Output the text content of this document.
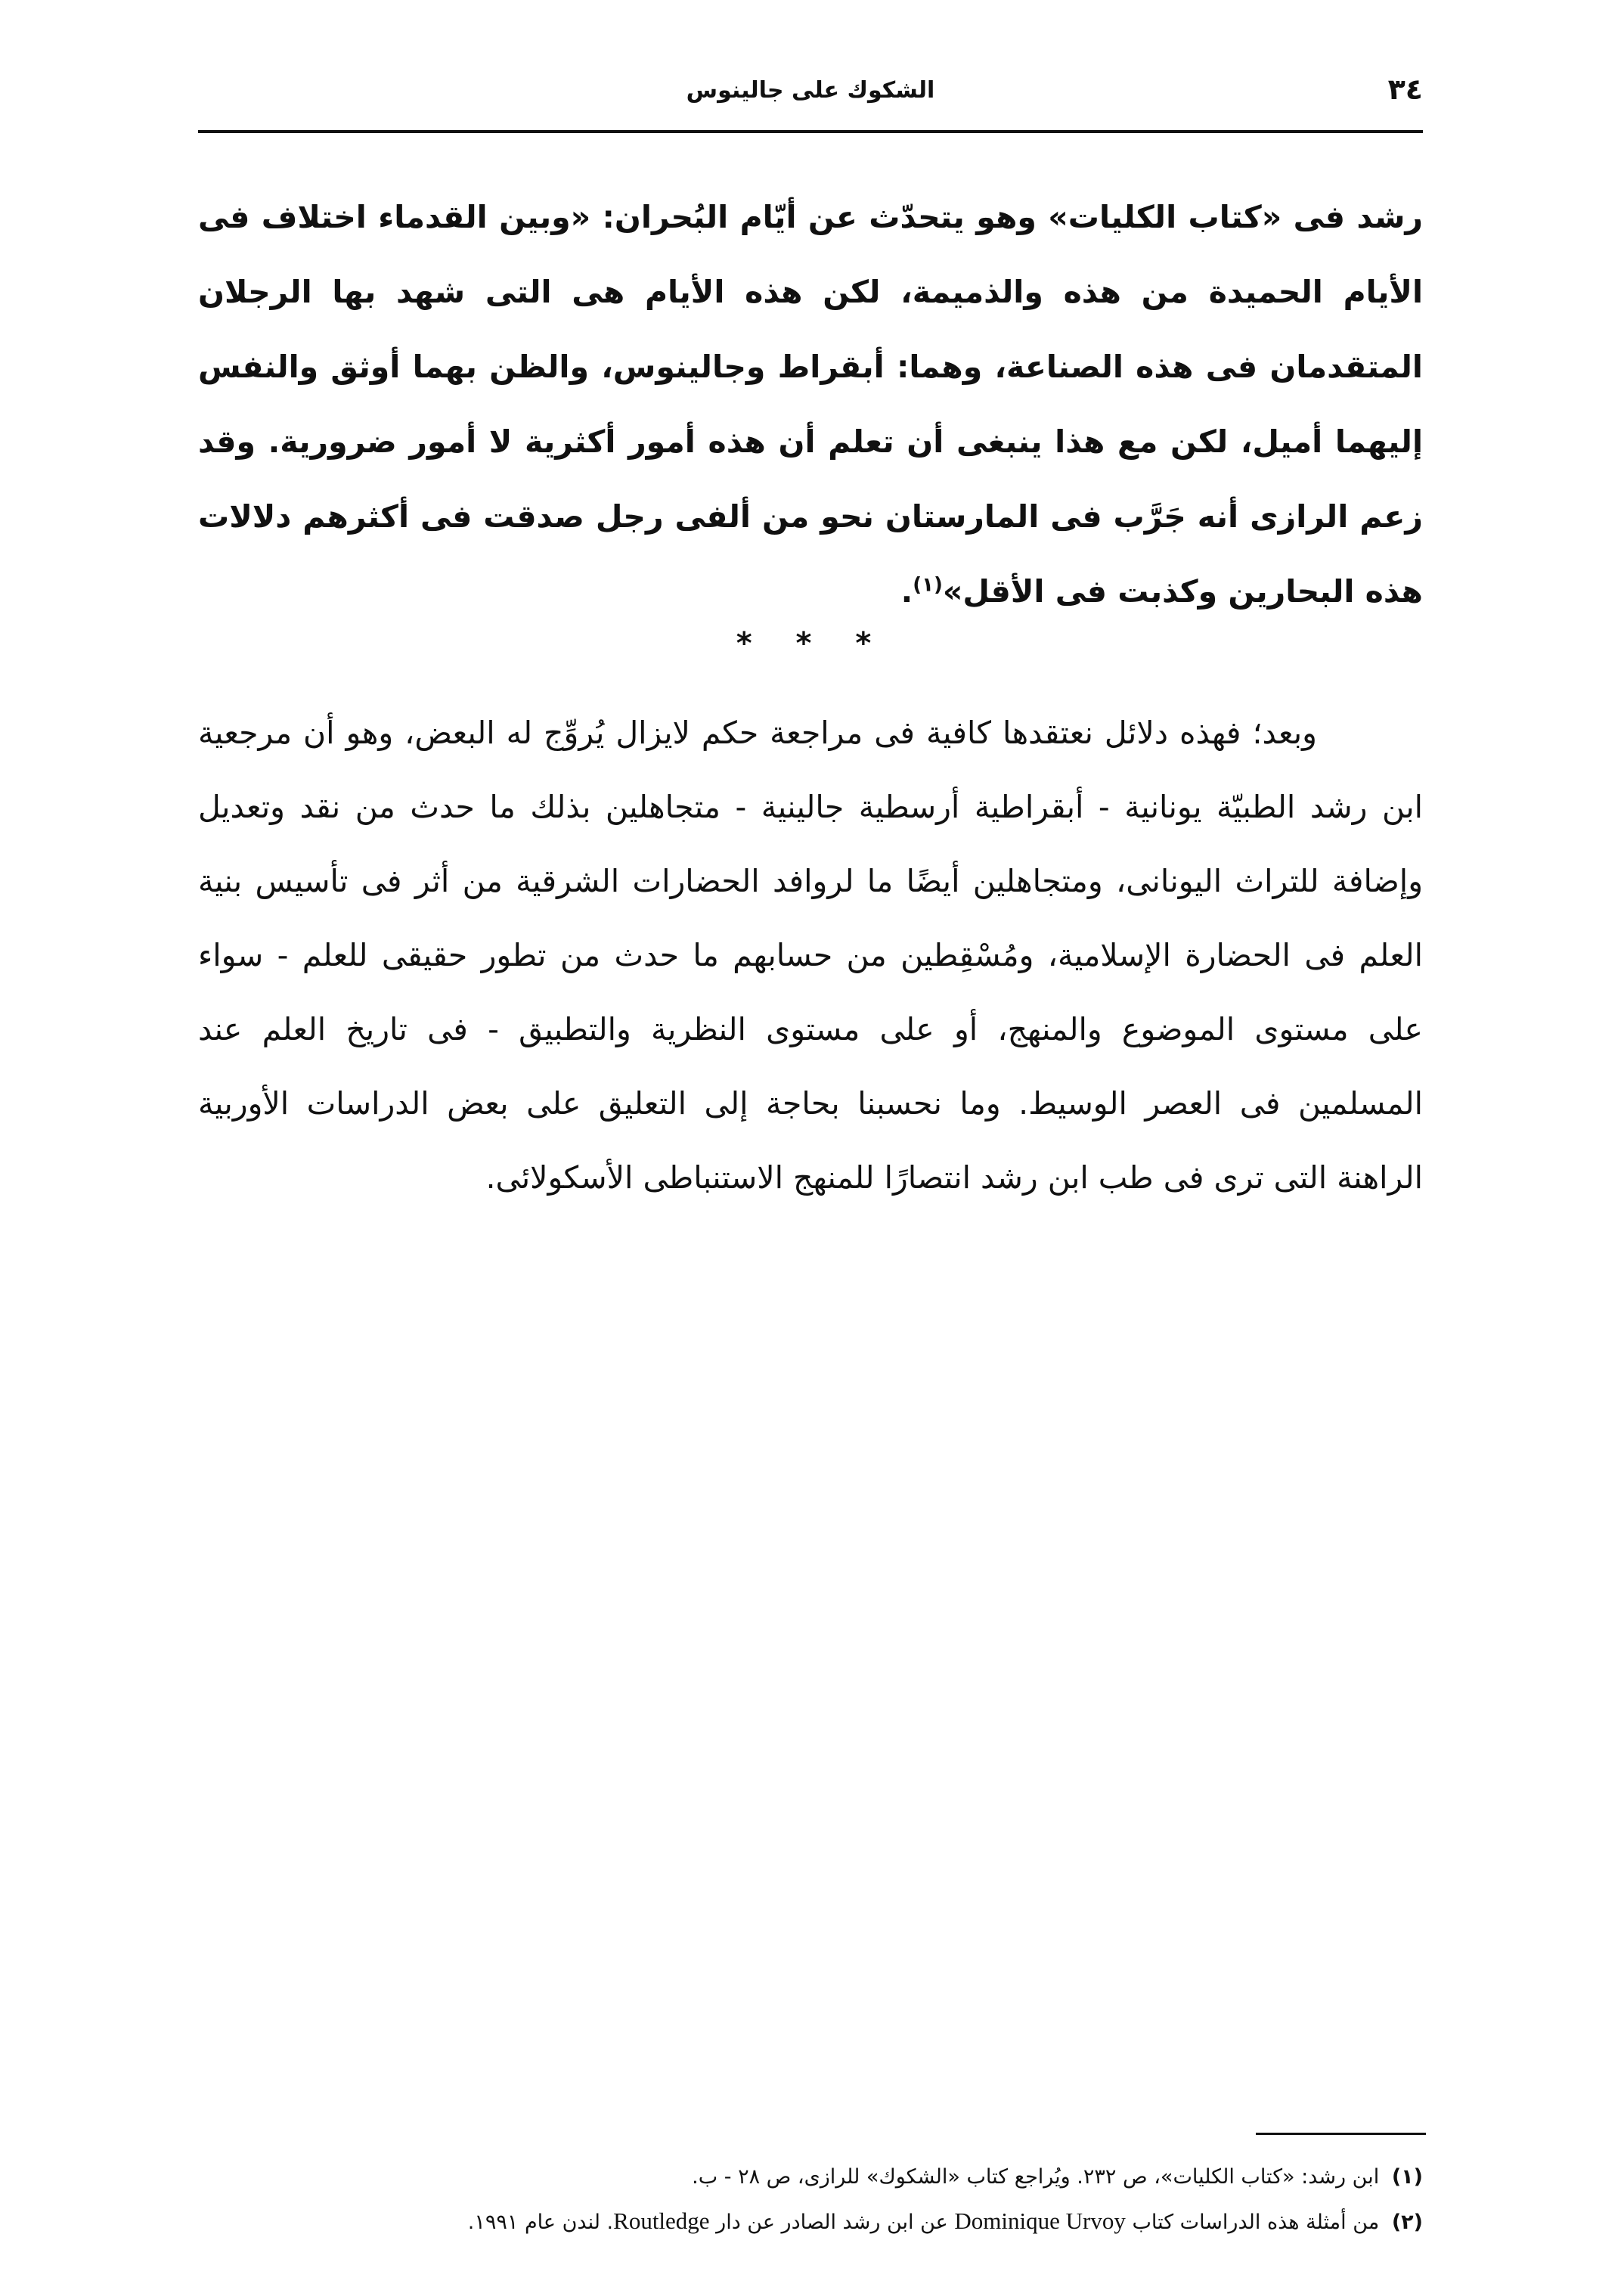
٣٤
الشكوك على جالينوس

رشد فى «كتاب الكليات» وهو يتحدّث عن أيّام البُحران: «وبين القدماء اختلاف فى الأيام الحميدة من هذه والذميمة، لكن هذه الأيام هى التى شهد بها الرجلان المتقدمان فى هذه الصناعة، وهما: أبقراط وجالينوس، والظن بهما أوثق والنفس إليهما أميل، لكن مع هذا ينبغى أن تعلم أن هذه أمور أكثرية لا أمور ضرورية. وقد زعم الرازى أنه جَرَّب فى المارستان نحو من ألفى رجل صدقت فى أكثرهم دلالات هذه البحارين وكذبت فى الأقل»$^{(١)}$.

* * *

وبعد؛ فهذه دلائل نعتقدها كافية فى مراجعة حكم لايزال يُروِّج له البعض، وهو أن مرجعية ابن رشد الطبيّة يونانية - أبقراطية أرسطية جالينية - متجاهلين بذلك ما حدث من نقد وتعديل وإضافة للتراث اليونانى، ومتجاهلين أيضًا ما لروافد الحضارات الشرقية من أثر فى تأسيس بنية العلم فى الحضارة الإسلامية، ومُسْقِطين من حسابهم ما حدث من تطور حقيقى للعلم - سواء على مستوى الموضوع والمنهج، أو على مستوى النظرية والتطبيق - فى تاريخ العلم عند المسلمين فى العصر الوسيط. وما نحسبنا بحاجة إلى التعليق على بعض الدراسات الأوربية الراهنة التى ترى فى طب ابن رشد انتصارًا للمنهج الاستنباطى الأسكولائى.

(١) ابن رشد: «كتاب الكليات»، ص ٢٣٢. ويُراجع كتاب «الشكوك» للرازى، ص ٢٨ - ب.
(٢) من أمثلة هذه الدراسات كتاب Dominique Urvoy عن ابن رشد الصادر عن دار Routledge. لندن عام ١٩٩١.
